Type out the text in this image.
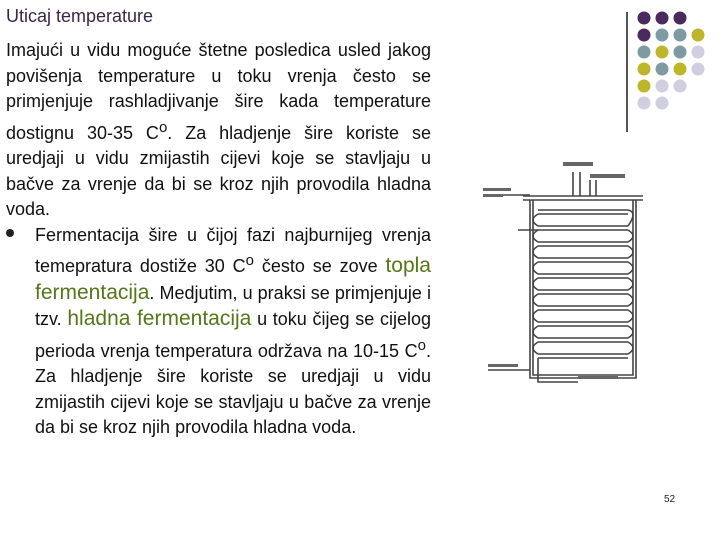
Uticaj temperature
Imajući u vidu moguće štetne posledica usled jakog povišenja temperature u toku vrenja često se primjenjuje rashladjivanje šire kada temperature dostignu 30-35 $C^o$. Za hladjenje šire koriste se uredjaji u vidu zmijastih cijevi koje se stavljaju u bačve za vrenje da bi se kroz njih provodila hladna voda.
Fermentacija šire u čijoj fazi najburnijeg vrenja temepratura dostiže 30 $C^o$ često se zove topla fermentacija. Medjutim, u praksi se primjenjuje i tzv. hladna fermentacija u toku čijeg se cijelog perioda vrenja temperatura održava na 10-15 $C^o$. Za hladjenje šire koriste se uredjaji u vidu zmijastih cijevi koje se stavljaju u bačve za vrenje da bi se kroz njih provodila hladna voda.
52
